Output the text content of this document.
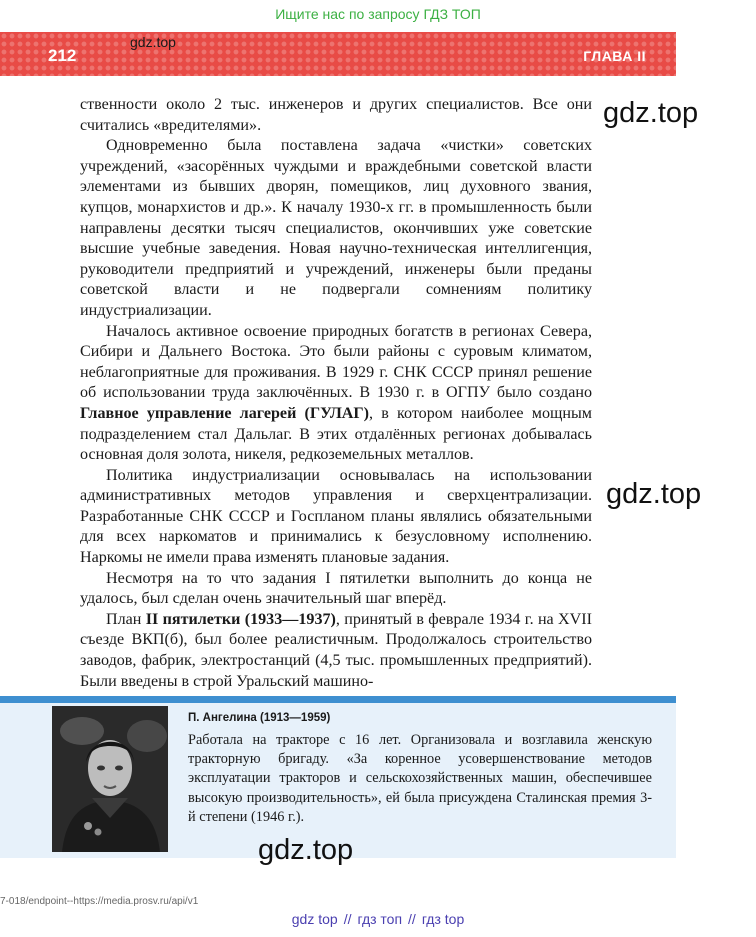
Ищите нас по запросу ГДЗ ТОП
212	ГЛАВА II
gdz.top
gdz.top
gdz.top

ственности около 2 тыс. инженеров и других специалистов. Все они считались «вредителями».

Одновременно была поставлена задача «чистки» советских учреждений, «засорённых чуждыми и враждебными советской власти элементами из бывших дворян, помещиков, лиц духовного звания, купцов, монархистов и др.». К началу 1930-х гг. в промышленность были направлены десятки тысяч специалистов, окончивших уже советские высшие учебные заведения. Новая научно-техническая интеллигенция, руководители предприятий и учреждений, инженеры были преданы советской власти и не подвергали сомнениям политику индустриализации.

Началось активное освоение природных богатств в регионах Севера, Сибири и Дальнего Востока. Это были районы с суровым климатом, неблагоприятные для проживания. В 1929 г. СНК СССР принял решение об использовании труда заключённых. В 1930 г. в ОГПУ было создано Главное управление лагерей (ГУЛАГ), в котором наиболее мощным подразделением стал Дальлаг. В этих отдалённых регионах добывалась основная доля золота, никеля, редкоземельных металлов.

Политика индустриализации основывалась на использовании административных методов управления и сверхцентрализации. Разработанные СНК СССР и Госпланом планы являлись обязательными для всех наркоматов и принимались к безусловному исполнению. Наркомы не имели права изменять плановые задания.

Несмотря на то что задания I пятилетки выполнить до конца не удалось, был сделан очень значительный шаг вперёд.

План II пятилетки (1933—1937), принятый в феврале 1934 г. на XVII съезде ВКП(б), был более реалистичным. Продолжалось строительство заводов, фабрик, электростанций (4,5 тыс. промышленных предприятий). Были введены в строй Уральский машино-

П. Ангелина (1913—1959)
Работала на тракторе с 16 лет. Организовала и возглавила женскую тракторную бригаду. «За коренное усовершенствование методов эксплуатации тракторов и сельскохозяйственных машин, обеспечившее высокую производительность», ей была присуждена Сталинская премия 3-й степени (1946 г.).
gdz.top
7-018/endpoint--https://media.prosv.ru/api/v1
gdz top // гдз топ // гдз top
